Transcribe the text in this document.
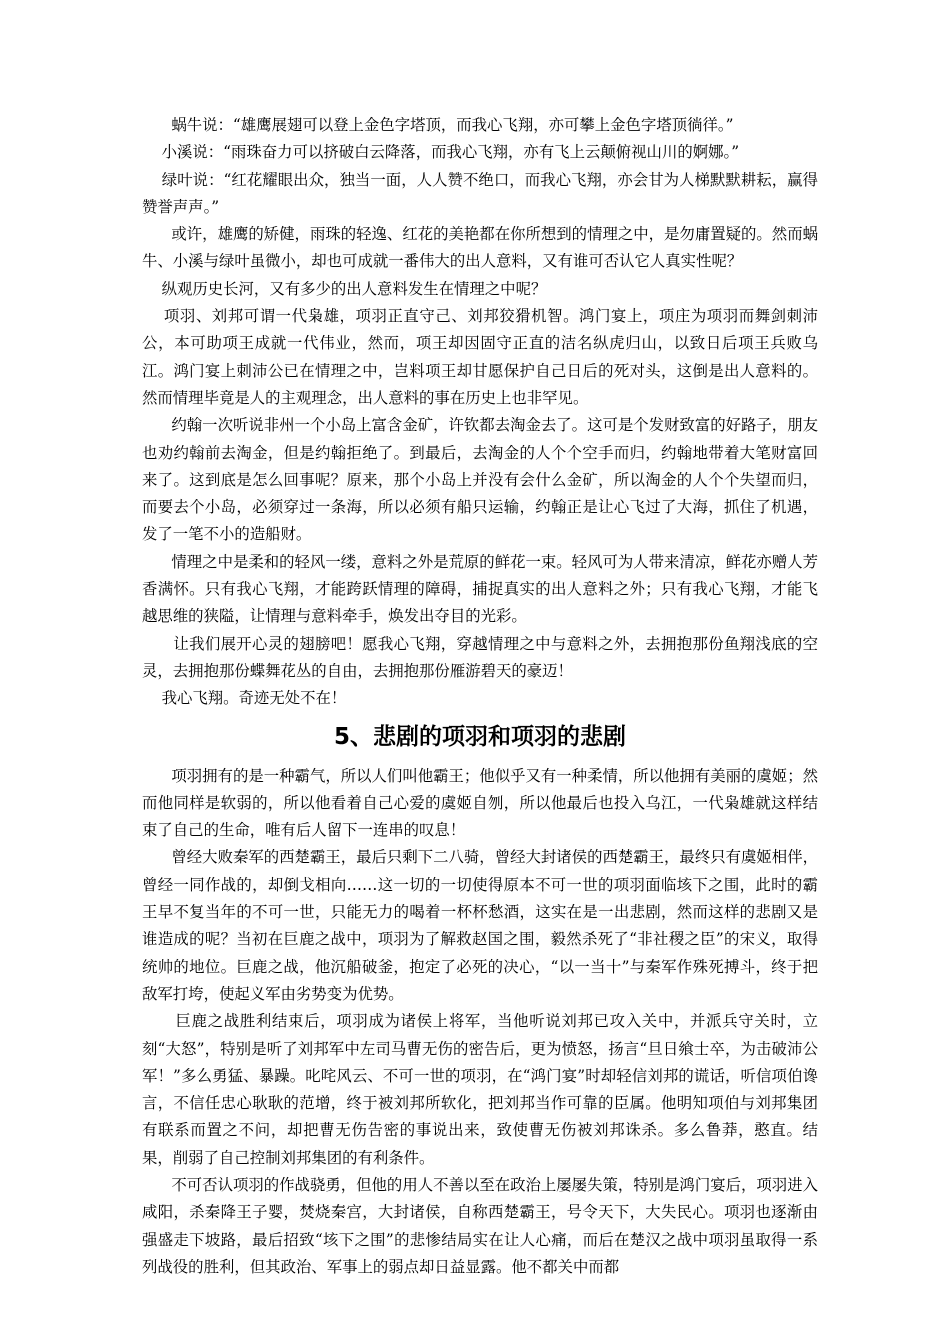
蜗牛说：“雄鹰展翅可以登上金色字塔顶，而我心飞翔，亦可攀上金色字塔顶徜徉。”

小溪说：“雨珠奋力可以挤破白云降落，而我心飞翔，亦有飞上云颠俯视山川的婀娜。”

绿叶说：“红花耀眼出众，独当一面，人人赞不绝口，而我心飞翔，亦会甘为人梯默默耕耘，赢得赞誉声声。”

或许，雄鹰的矫健，雨珠的轻逸、红花的美艳都在你所想到的情理之中，是勿庸置疑的。然而蜗牛、小溪与绿叶虽微小，却也可成就一番伟大的出人意料，又有谁可否认它人真实性呢？

纵观历史长河，又有多少的出人意料发生在情理之中呢？

项羽、刘邦可谓一代枭雄，项羽正直守己、刘邦狡猾机智。鸿门宴上，项庄为项羽而舞剑刺沛公，本可助项王成就一代伟业，然而，项王却因固守正直的洁名纵虎归山，以致日后项王兵败乌江。鸿门宴上刺沛公已在情理之中，岂料项王却甘愿保护自己日后的死对头，这倒是出人意料的。然而情理毕竟是人的主观理念，出人意料的事在历史上也非罕见。

约翰一次听说非州一个小岛上富含金矿，许钦都去淘金去了。这可是个发财致富的好路子，朋友也劝约翰前去淘金，但是约翰拒绝了。到最后，去淘金的人个个空手而归，约翰地带着大笔财富回来了。这到底是怎么回事呢？原来，那个小岛上并没有会什么金矿，所以淘金的人个个失望而归，而要去个小岛，必须穿过一条海，所以必须有船只运输，约翰正是让心飞过了大海，抓住了机遇，发了一笔不小的造船财。

情理之中是柔和的轻风一缕，意料之外是荒原的鲜花一束。轻风可为人带来清凉，鲜花亦赠人芳香满怀。只有我心飞翔，才能跨跃情理的障碍，捕捉真实的出人意料之外；只有我心飞翔，才能飞越思维的狭隘，让情理与意料牵手，焕发出夺目的光彩。

让我们展开心灵的翅膀吧！愿我心飞翔，穿越情理之中与意料之外，去拥抱那份鱼翔浅底的空灵，去拥抱那份蝶舞花丛的自由，去拥抱那份雁游碧天的豪迈！

我心飞翔。奇迹无处不在！

5、悲剧的项羽和项羽的悲剧

项羽拥有的是一种霸气，所以人们叫他霸王；他似乎又有一种柔情，所以他拥有美丽的虞姬；然而他同样是软弱的，所以他看着自己心爱的虞姬自刎，所以他最后也投入乌江，一代枭雄就这样结束了自己的生命，唯有后人留下一连串的叹息！

曾经大败秦军的西楚霸王，最后只剩下二八骑，曾经大封诸侯的西楚霸王，最终只有虞姬相伴，曾经一同作战的，却倒戈相向……这一切的一切使得原本不可一世的项羽面临垓下之围，此时的霸王早不复当年的不可一世，只能无力的喝着一杯杯愁酒，这实在是一出悲剧，然而这样的悲剧又是谁造成的呢？当初在巨鹿之战中，项羽为了解救赵国之围，毅然杀死了“非社稷之臣”的宋义，取得统帅的地位。巨鹿之战，他沉船破釜，抱定了必死的决心，“以一当十”与秦军作殊死搏斗，终于把敌军打垮，使起义军由劣势变为优势。

巨鹿之战胜利结束后，项羽成为诸侯上将军，当他听说刘邦已攻入关中，并派兵守关时，立刻“大怒”，特别是听了刘邦军中左司马曹无伤的密告后，更为愤怒，扬言“旦日飨士卒，为击破沛公军！”多么勇猛、暴躁。叱咤风云、不可一世的项羽，在“鸿门宴”时却轻信刘邦的谎话，听信项伯谗言，不信任忠心耿耿的范增，终于被刘邦所软化，把刘邦当作可靠的臣属。他明知项伯与刘邦集团有联系而置之不问，却把曹无伤告密的事说出来，致使曹无伤被刘邦诛杀。多么鲁莽，憨直。结果，削弱了自己控制刘邦集团的有利条件。

不可否认项羽的作战骁勇，但他的用人不善以至在政治上屡屡失策，特别是鸿门宴后，项羽进入咸阳，杀秦降王子婴，焚烧秦宫，大封诸侯，自称西楚霸王，号令天下，大失民心。项羽也逐渐由强盛走下坡路，最后招致“垓下之围”的悲惨结局实在让人心痛，而后在楚汉之战中项羽虽取得一系列战役的胜利，但其政治、军事上的弱点却日益显露。他不都关中而都
